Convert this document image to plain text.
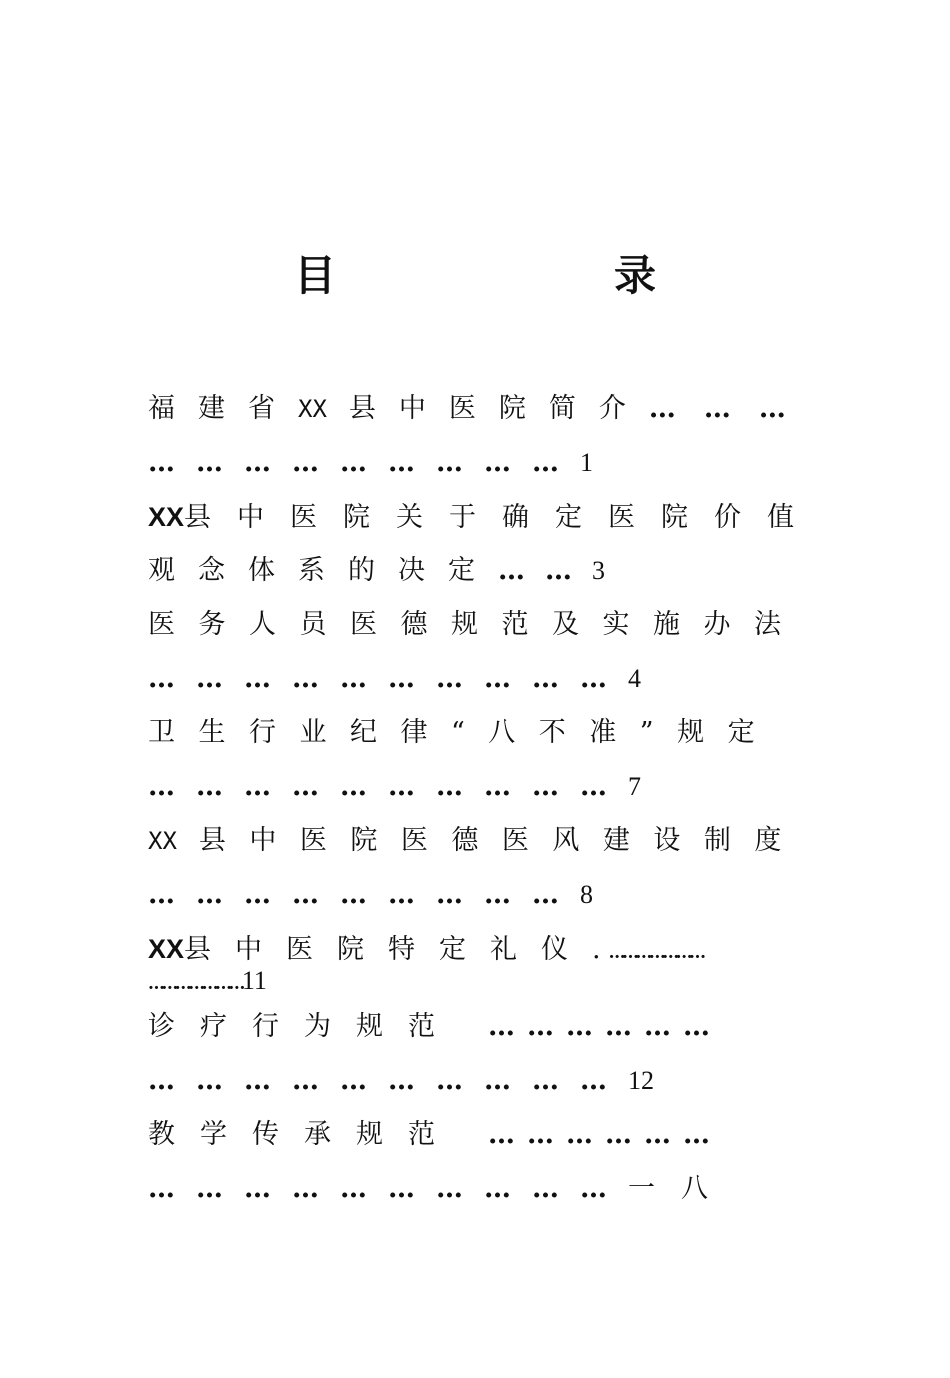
目　录
福建省XX 县中医院简介………
………………………1
XX县中医院关于确定医院价值
观念体系的决定……3
医务人员医德规范及实施办法
…………………………4
卫生行业纪律“八不准”规定
…………………………7
XX 县中医院医德医风建设制度
………………………8
XX县中医院特定礼仪.…………………
…………………11
诊疗行为规范 ………………
…………………………12
教学传承规范 ………………
…………………………一八
